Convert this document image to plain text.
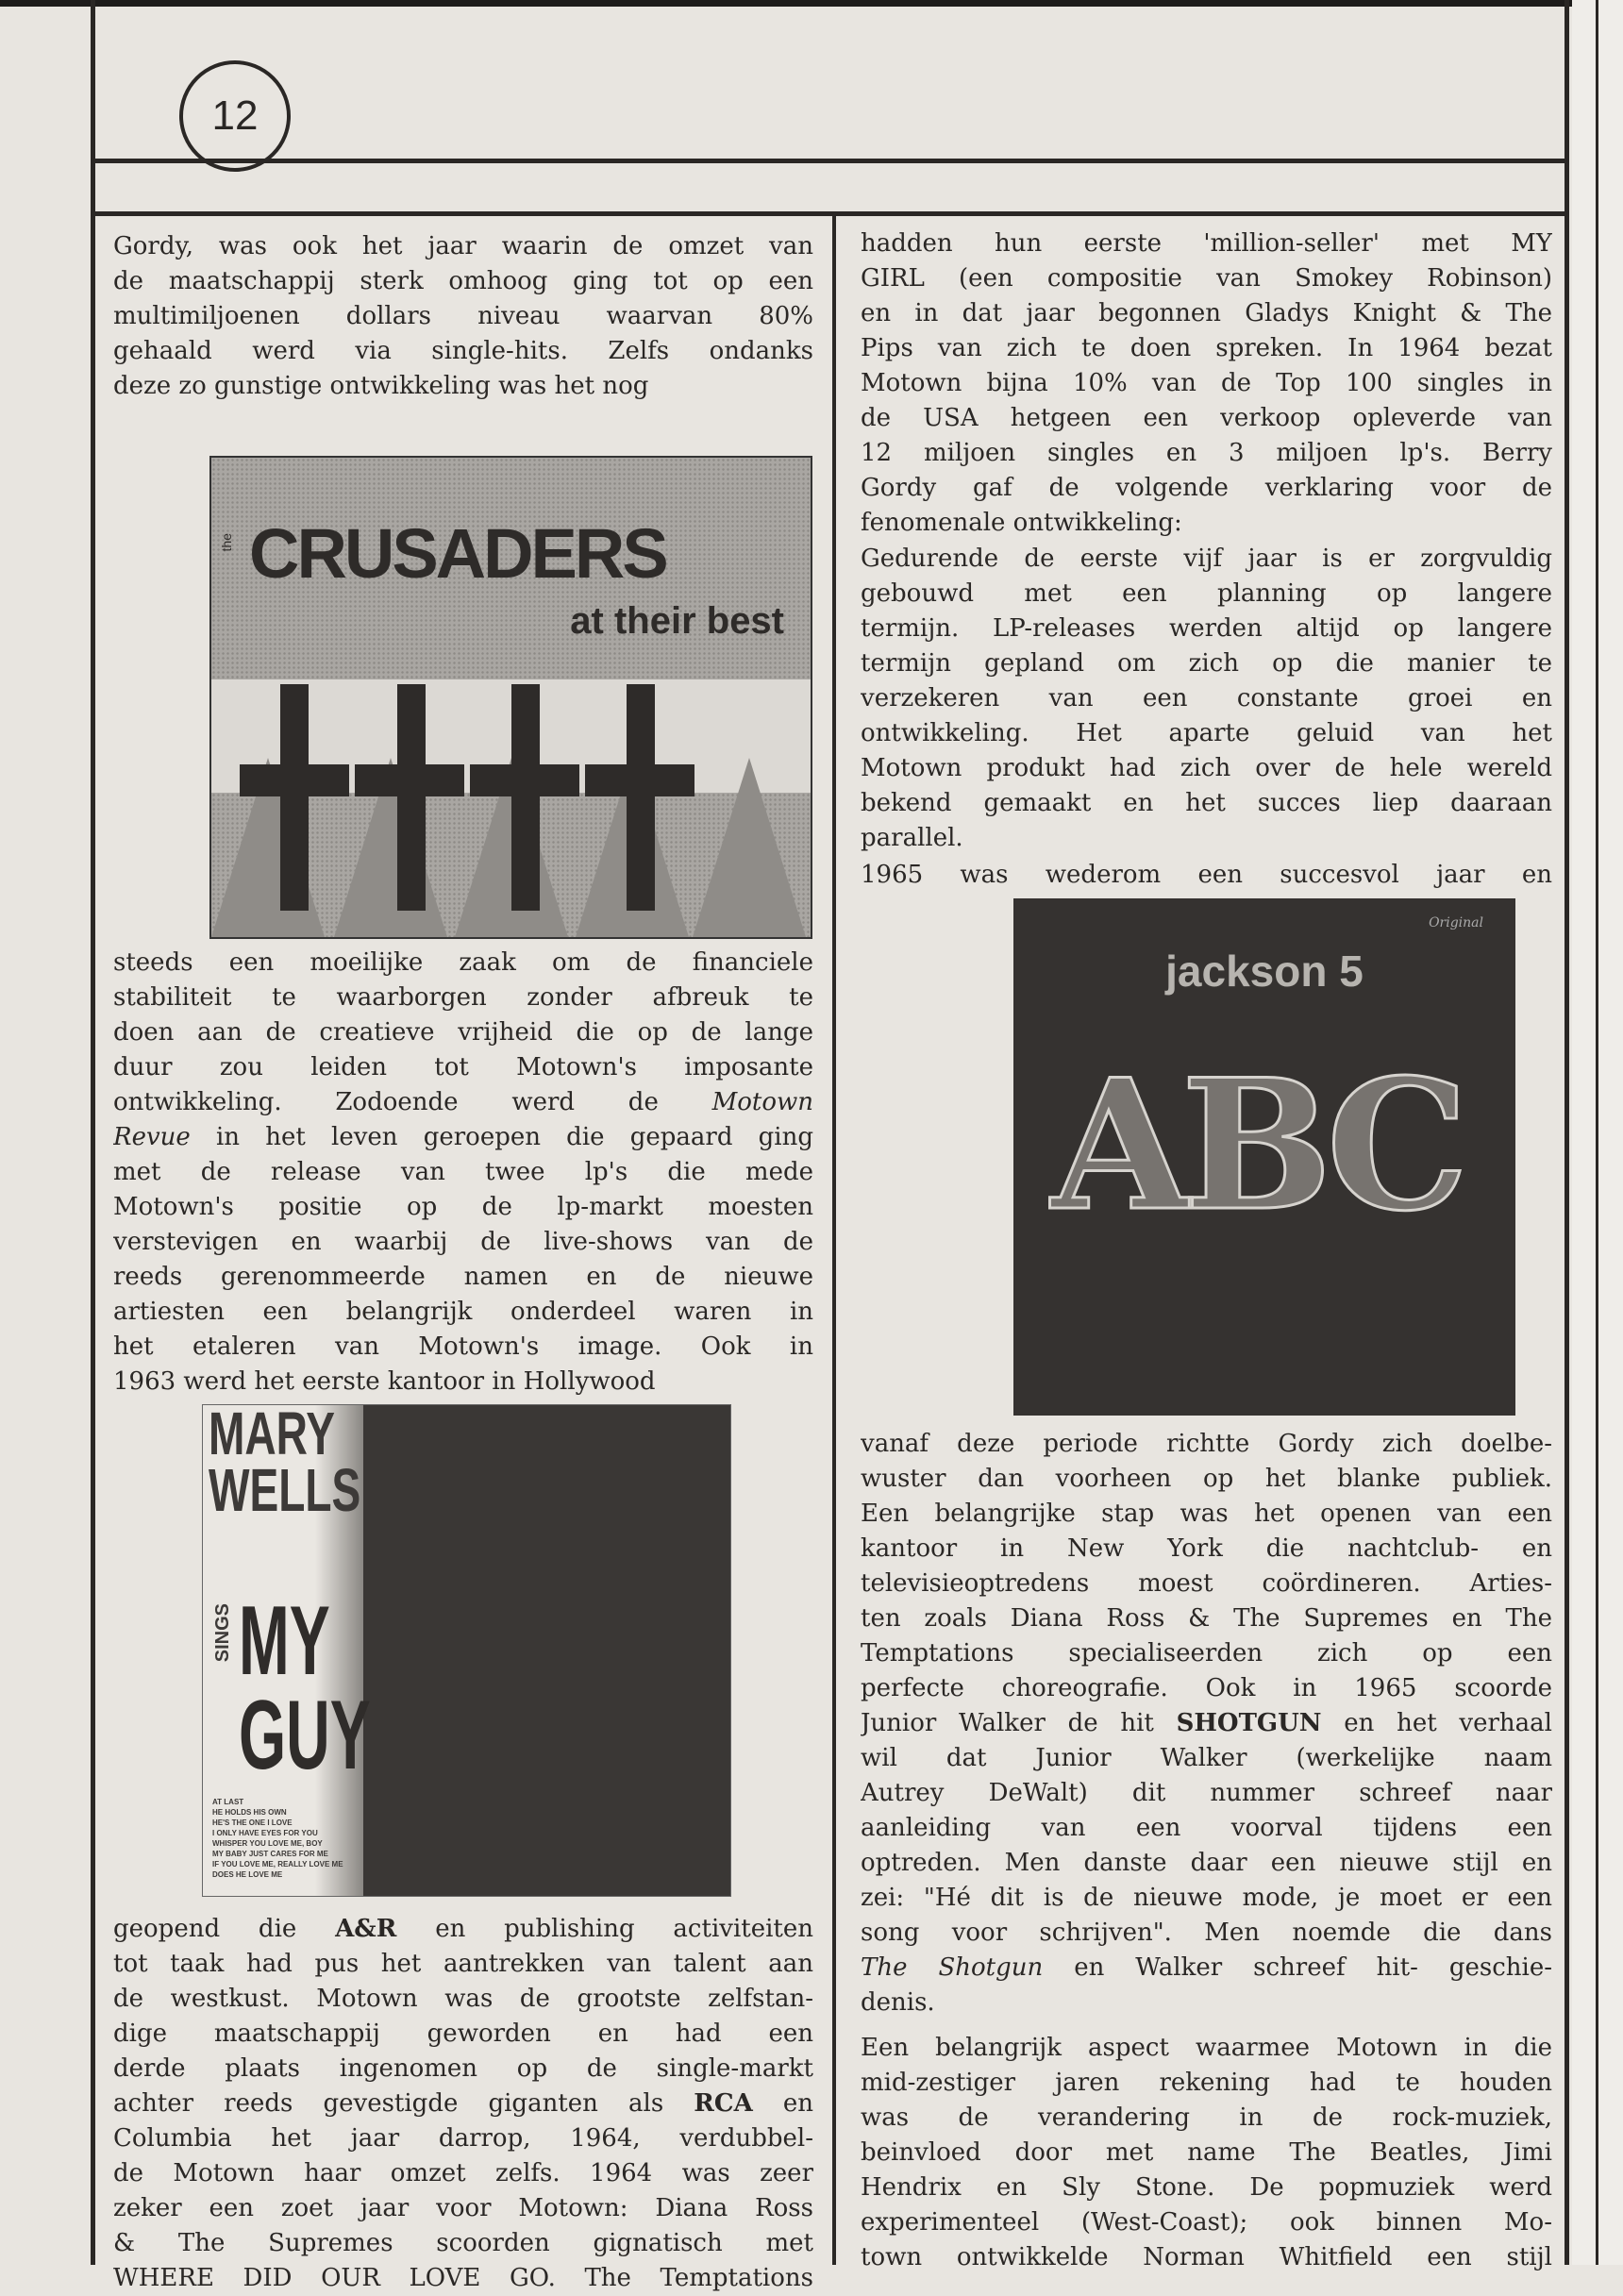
12
Gordy, was ook het jaar waarin de omzet van
de maatschappij sterk omhoog ging tot op een
multimiljoenen dollars niveau waarvan 80%
gehaald werd via single-hits. Zelfs ondanks
deze zo gunstige ontwikkeling was het nog
steeds een moeilijke zaak om de financiele
stabiliteit te waarborgen zonder afbreuk te
doen aan de creatieve vrijheid die op de lange
duur zou leiden tot Motown's imposante
ontwikkeling. Zodoende werd de Motown
Revue in het leven geroepen die gepaard ging
met de release van twee lp's die mede
Motown's positie op de lp-markt moesten
verstevigen en waarbij de live-shows van de
reeds gerenommeerde namen en de nieuwe
artiesten een belangrijk onderdeel waren in
het etaleren van Motown's image. Ook in
1963 werd het eerste kantoor in Hollywood
geopend die A&R en publishing activiteiten
tot taak had pus het aantrekken van talent aan
de westkust. Motown was de grootste zelfstan-
dige maatschappij geworden en had een
derde plaats ingenomen op de single-markt
achter reeds gevestigde giganten als RCA en
Columbia het jaar darrop, 1964, verdubbel-
de Motown haar omzet zelfs. 1964 was zeer
zeker een zoet jaar voor Motown: Diana Ross
& The Supremes scoorden gignatisch met
WHERE DID OUR LOVE GO. The Temptations
hadden hun eerste 'million-seller' met MY
GIRL (een compositie van Smokey Robinson)
en in dat jaar begonnen Gladys Knight & The
Pips van zich te doen spreken. In 1964 bezat
Motown bijna 10% van de Top 100 singles in
de USA hetgeen een verkoop opleverde van
12 miljoen singles en 3 miljoen lp's. Berry
Gordy gaf de volgende verklaring voor de
fenomenale ontwikkeling:
Gedurende de eerste vijf jaar is er zorgvuldig
gebouwd met een planning op langere
termijn. LP-releases werden altijd op langere
termijn gepland om zich op die manier te
verzekeren van een constante groei en
ontwikkeling. Het aparte geluid van het
Motown produkt had zich over de hele wereld
bekend gemaakt en het succes liep daaraan
parallel.
1965 was wederom een succesvol jaar en
vanaf deze periode richtte Gordy zich doelbe-
wuster dan voorheen op het blanke publiek.
Een belangrijke stap was het openen van een
kantoor in New York die nachtclub- en
televisieoptredens moest coördineren. Arties-
ten zoals Diana Ross & The Supremes en The
Temptations specialiseerden zich op een
perfecte choreografie. Ook in 1965 scoorde
Junior Walker de hit SHOTGUN en het verhaal
wil dat Junior Walker (werkelijke naam
Autrey DeWalt) dit nummer schreef naar
aanleiding van een voorval tijdens een
optreden. Men danste daar een nieuwe stijl en
zei: "Hé dit is de nieuwe mode, je moet er een
song voor schrijven". Men noemde die dans
The Shotgun en Walker schreef hit- geschie-
denis.
Een belangrijk aspect waarmee Motown in die
mid-zestiger jaren rekening had te houden
was de verandering in de rock-muziek,
beinvloed door met name The Beatles, Jimi
Hendrix en Sly Stone. De popmuziek werd
experimenteel (West-Coast); ook binnen Mo-
town ontwikkelde Norman Whitfield een stijl
the CRUSADERS
at their best
Original
jackson 5
ABC
MARY
WELLS
SINGS MY
GUY
AT LAST
HE HOLDS HIS OWN
HE'S THE ONE I LOVE
I ONLY HAVE EYES FOR YOU
WHISPER YOU LOVE ME, BOY
MY BABY JUST CARES FOR ME
IF YOU LOVE ME, REALLY LOVE ME
DOES HE LOVE ME
